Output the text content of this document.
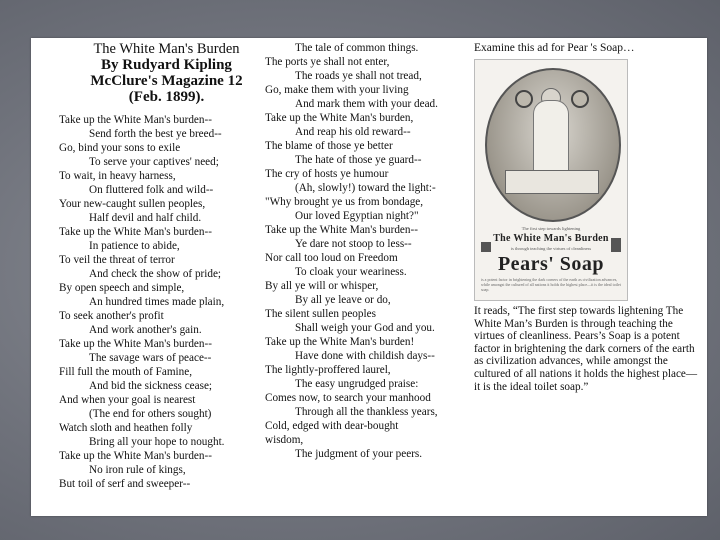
The White Man's Burden
By Rudyard Kipling
McClure's Magazine 12
(Feb. 1899).
Take up the White Man's burden--
Send forth the best ye breed--
Go, bind your sons to exile
To serve your captives' need;
To wait, in heavy harness,
On fluttered folk and wild--
Your new-caught sullen peoples,
Half devil and half child.
Take up the White Man's burden--
In patience to abide,
To veil the threat of terror
And check the show of pride;
By open speech and simple,
An hundred times made plain,
To seek another's profit
And work another's gain.
Take up the White Man's burden--
The savage wars of peace--
Fill full the mouth of Famine,
And bid the sickness cease;
And when your goal is nearest
(The end for others sought)
Watch sloth and heathen folly
Bring all your hope to nought.
Take up the White Man's burden--
No iron rule of kings,
But toil of serf and sweeper--
The tale of common things.
The ports ye shall not enter,
The roads ye shall not tread,
Go, make them with your living
And mark them with your dead.
Take up the White Man's burden,
And reap his old reward--
The blame of those ye better
The hate of those ye guard--
The cry of hosts ye humour
(Ah, slowly!) toward the light:-
"Why brought ye us from bondage,
Our loved Egyptian night?"
Take up the White Man's burden--
Ye dare not stoop to less--
Nor call too loud on Freedom
To cloak your weariness.
By all ye will or whisper,
By all ye leave or do,
The silent sullen peoples
Shall weigh your God and you.
Take up the White Man's burden!
Have done with childish days--
The lightly-proffered laurel,
The easy ungrudged praise:
Comes now, to search your manhood
Through all the thankless years,
Cold, edged with dear-bought
wisdom,
The judgment of your peers.
Examine this ad for Pear 's Soap…
The first step towards lightening
The White Man's Burden
is through teaching the virtues of cleanliness
Pears' Soap
is a potent factor in brightening the dark corners of the earth as civilization advances, while amongst the cultured of all nations it holds the highest place—it is the ideal toilet soap.
It reads, “The first step towards lightening The White Man’s Burden is through teaching the virtues of cleanliness. Pears’s Soap is a potent factor in brightening the dark corners of the earth as civilization advances, while amongst the cultured of all nations it holds the highest place—it is the ideal toilet soap.”
